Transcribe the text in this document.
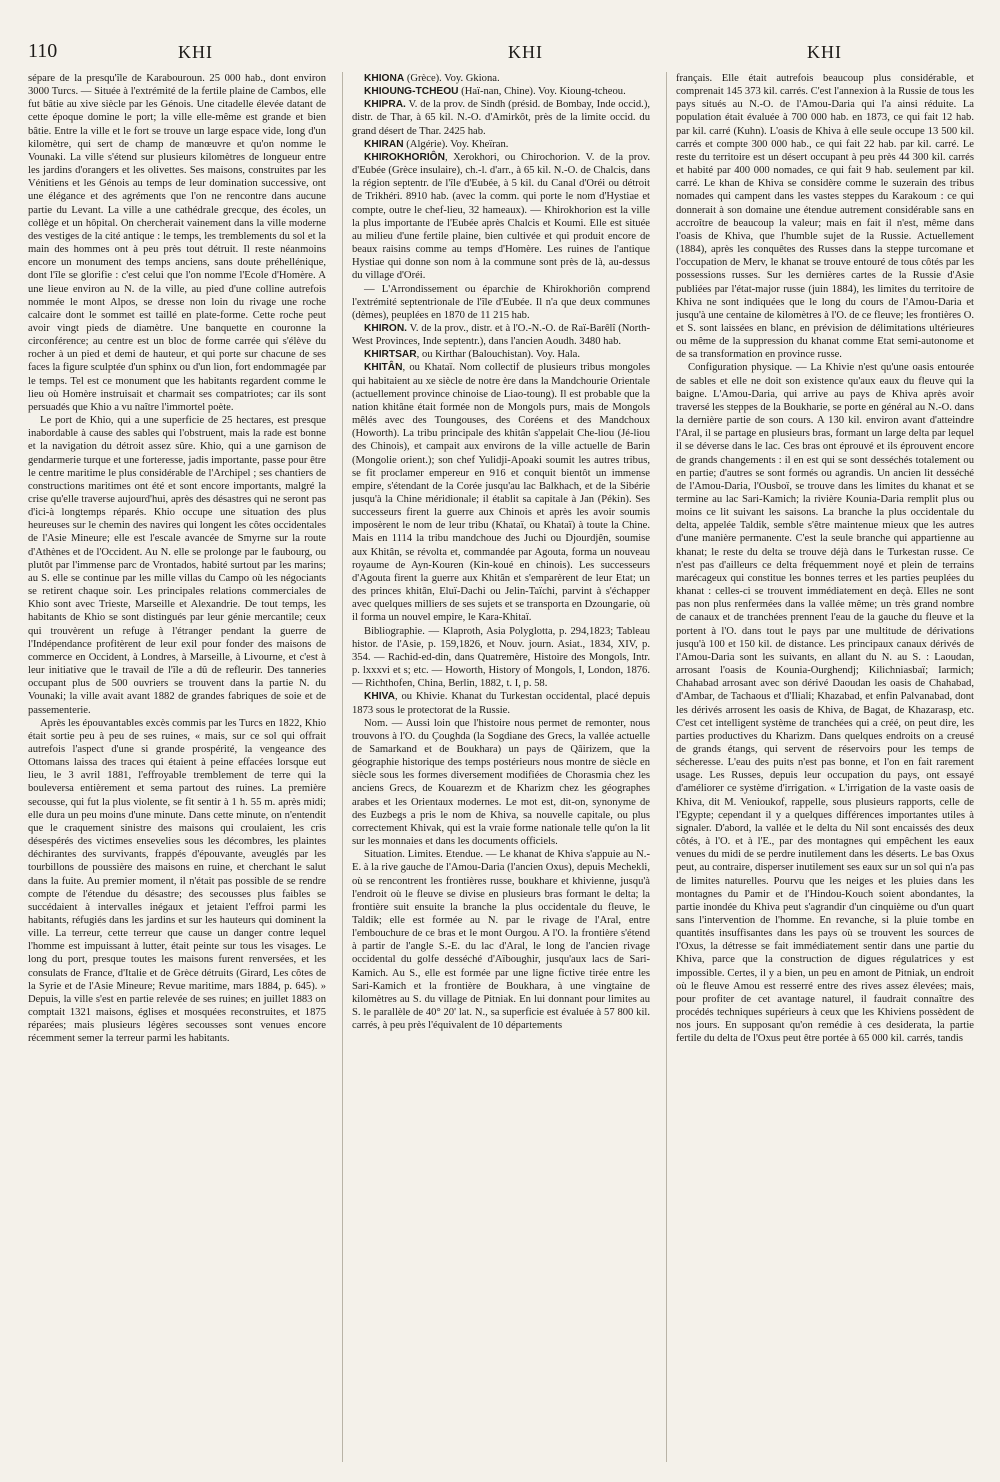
110	KHI	KHI	KHI

sépare de la presqu'île de Karabouroun. 25 000 hab., dont environ 3000 Turcs. — Située à l'extrémité de la fertile plaine de Cambos, elle fut bâtie au xive siècle par les Génois. Une citadelle élevée datant de cette époque domine le port; la ville elle-même est grande et bien bâtie. Entre la ville et le fort se trouve un large espace vide, long d'un kilomètre, qui sert de champ de manœuvre et qu'on nomme le Vounaki. La ville s'étend sur plusieurs kilomètres de longueur entre les jardins d'orangers et les olivettes. Ses maisons, construites par les Vénitiens et les Génois au temps de leur domination successive, ont une élégance et des agréments que l'on ne rencontre dans aucune partie du Levant. La ville a une cathédrale grecque, des écoles, un collège et un hôpital. On chercherait vainement dans la ville moderne des vestiges de la cité antique : le temps, les tremblements du sol et la main des hommes ont à peu près tout détruit. Il reste néanmoins encore un monument des temps anciens, sans doute préhellénique, dont l'île se glorifie : c'est celui que l'on nomme l'Ecole d'Homère. A une lieue environ au N. de la ville, au pied d'une colline autrefois nommée le mont Alpos, se dresse non loin du rivage une roche calcaire dont le sommet est taillé en plate-forme. Cette roche peut avoir vingt pieds de diamètre. Une banquette en couronne la circonférence; au centre est un bloc de forme carrée qui s'élève du rocher à un pied et demi de hauteur, et qui porte sur chacune de ses faces la figure sculptée d'un sphinx ou d'un lion, fort endommagée par le temps. Tel est ce monument que les habitants regardent comme le lieu où Homère instruisait et charmait ses compatriotes; car ils sont persuadés que Khio a vu naître l'immortel poète.

Le port de Khio, qui a une superficie de 25 hectares, est presque inabordable à cause des sables qui l'obstruent, mais la rade est bonne et la navigation du détroit assez sûre. Khio, qui a une garnison de gendarmerie turque et une forteresse, jadis importante, passe pour être le centre maritime le plus considérable de l'Archipel ; ses chantiers de constructions maritimes ont été et sont encore importants, malgré la crise qu'elle traverse aujourd'hui, après des désastres qui ne seront pas d'ici-à longtemps réparés. Khio occupe une situation des plus heureuses sur le chemin des navires qui longent les côtes occidentales de l'Asie Mineure; elle est l'escale avancée de Smyrne sur la route d'Athènes et de l'Occident. Au N. elle se prolonge par le faubourg, ou plutôt par l'immense parc de Vrontados, habité surtout par les marins; au S. elle se continue par les mille villas du Campo où les négociants se retirent chaque soir. Les principales relations commerciales de Khio sont avec Trieste, Marseille et Alexandrie. De tout temps, les habitants de Khio se sont distingués par leur génie mercantile; ceux qui trouvèrent un refuge à l'étranger pendant la guerre de l'Indépendance profitèrent de leur exil pour fonder des maisons de commerce en Occident, à Londres, à Marseille, à Livourne, et c'est à leur initiative que le travail de l'île a dû de refleurir. Des tanneries occupant plus de 500 ouvriers se trouvent dans la partie N. du Vounaki; la ville avait avant 1882 de grandes fabriques de soie et de passementerie.

Après les épouvantables excès commis par les Turcs en 1822, Khio était sortie peu à peu de ses ruines, « mais, sur ce sol qui offrait autrefois l'aspect d'une si grande prospérité, la vengeance des Ottomans laissa des traces qui étaient à peine effacées lorsque eut lieu, le 3 avril 1881, l'effroyable tremblement de terre qui la bouleversa entièrement et sema partout des ruines. La première secousse, qui fut la plus violente, se fit sentir à 1 h. 55 m. après midi; elle dura un peu moins d'une minute. Dans cette minute, on n'entendit que le craquement sinistre des maisons qui croulaient, les cris désespérés des victimes ensevelies sous les décombres, les plaintes déchirantes des survivants, frappés d'épouvante, aveuglés par les tourbillons de poussière des maisons en ruine, et cherchant le salut dans la fuite. Au premier moment, il n'était pas possible de se rendre compte de l'étendue du désastre; des secousses plus faibles se succédaient à intervalles inégaux et jetaient l'effroi parmi les habitants, réfugiés dans les jardins et sur les hauteurs qui dominent la ville. La terreur, cette terreur que cause un danger contre lequel l'homme est impuissant à lutter, était peinte sur tous les visages. Le long du port, presque toutes les maisons furent renversées, et les consulats de France, d'Italie et de Grèce détruits (Girard, Les côtes de la Syrie et de l'Asie Mineure; Revue maritime, mars 1884, p. 645). » Depuis, la ville s'est en partie relevée de ses ruines; en juillet 1883 on comptait 1321 maisons, églises et mosquées reconstruites, et 1875 réparées; mais plusieurs légères secousses sont venues encore récemment semer la terreur parmi les habitants.

KHIONA (Grèce). Voy. Gkiona.

KHIOUNG-TCHEOU (Haï-nan, Chine). Voy. Kioung-tcheou.

KHIPRA. V. de la prov. de Sindh (présid. de Bombay, Inde occid.), distr. de Thar, à 65 kil. N.-O. d'Amirkôt, près de la limite occid. du grand désert de Thar. 2425 hab.

KHIRAN (Algérie). Voy. Kheïran.

KHIROKHORIÔN, Xerokhori, ou Chirochorion. V. de la prov. d'Eubée (Grèce insulaire), ch.-l. d'arr., à 65 kil. N.-O. de Chalcis, dans la région septentr. de l'île d'Eubée, à 5 kil. du Canal d'Oréi ou détroit de Trikhéri. 8910 hab. (avec la comm. qui porte le nom d'Hystiae et compte, outre le chef-lieu, 32 hameaux). — Khirokhorion est la ville la plus importante de l'Eubée après Chalcis et Koumi. Elle est située au milieu d'une fertile plaine, bien cultivée et qui produit encore de beaux raisins comme au temps d'Homère. Les ruines de l'antique Hystiae qui donne son nom à la commune sont près de là, au-dessus du village d'Oréi.

— L'Arrondissement ou éparchie de Khirokhoriôn comprend l'extrémité septentrionale de l'île d'Eubée. Il n'a que deux communes (dèmes), peuplées en 1870 de 11 215 hab.

KHIRON. V. de la prov., distr. et à l'O.-N.-O. de Raï-Barêlî (North-West Provinces, Inde septentr.), dans l'ancien Aoudh. 3480 hab.

KHIRTSAR, ou Kirthar (Balouchistan). Voy. Hala.

KHITÂN, ou Khataï. Nom collectif de plusieurs tribus mongoles qui habitaient au xe siècle de notre ère dans la Mandchourie Orientale (actuellement province chinoise de Liao-toung). Il est probable que la nation khitâne était formée non de Mongols purs, mais de Mongols mêlés avec des Toungouses, des Coréens et des Mandchoux (Howorth). La tribu principale des khitân s'appelait Che-liou (Jé-liou des Chinois), et campait aux environs de la ville actuelle de Barin (Mongolie orient.); son chef Yulidji-Apoaki soumit les autres tribus, se fit proclamer empereur en 916 et conquit bientôt un immense empire, s'étendant de la Corée jusqu'au lac Balkhach, et de la Sibérie jusqu'à la Chine méridionale; il établit sa capitale à Jan (Pékin). Ses successeurs firent la guerre aux Chinois et après les avoir soumis imposèrent le nom de leur tribu (Khataï, ou Khataï) à toute la Chine. Mais en 1114 la tribu mandchoue des Juchi ou Djourdjên, soumise aux Khitân, se révolta et, commandée par Agouta, forma un nouveau royaume de Ayn-Kouren (Kin-koué en chinois). Les successeurs d'Agouta firent la guerre aux Khitân et s'emparèrent de leur Etat; un des princes khitân, Eluï-Dachi ou Jelin-Taïchi, parvint à s'échapper avec quelques milliers de ses sujets et se transporta en Dzoungarie, où il forma un nouvel empire, le Kara-Khitaï.

Bibliographie. — Klaproth, Asia Polyglotta, p. 294,1823; Tableau histor. de l'Asie, p. 159,1826, et Nouv. journ. Asiat., 1834, XIV, p. 354. — Rachid-ed-din, dans Quatremère, Histoire des Mongols, Intr. p. lxxxvi et s; etc. — Howorth, History of Mongols, I, London, 1876. — Richthofen, China, Berlin, 1882, t. I, p. 58.

KHIVA, ou Khivie. Khanat du Turkestan occidental, placé depuis 1873 sous le protectorat de la Russie.

Nom. — Aussi loin que l'histoire nous permet de remonter, nous trouvons à l'O. du Çoughda (la Sogdiane des Grecs, la vallée actuelle de Samarkand et de Boukhara) un pays de Qâirizem, que la géographie historique des temps postérieurs nous montre de siècle en siècle sous les formes diversement modifiées de Chorasmia chez les anciens Grecs, de Kouarezm et de Kharizm chez les géographes arabes et les Orientaux modernes. Le mot est, dit-on, synonyme de des Euzbegs a pris le nom de Khiva, sa nouvelle capitale, ou plus correctement Khivak, qui est la vraie forme nationale telle qu'on la lit sur les monnaies et dans les documents officiels.

Situation. Limites. Etendue. — Le khanat de Khiva s'appuie au N.-E. à la rive gauche de l'Amou-Daria (l'ancien Oxus), depuis Mechekli, où se rencontrent les frontières russe, boukhare et khivienne, jusqu'à l'endroit où le fleuve se divise en plusieurs bras formant le delta; la frontière suit ensuite la branche la plus occidentale du fleuve, le Taldik; elle est formée au N. par le rivage de l'Aral, entre l'embouchure de ce bras et le mont Ourgou. A l'O. la frontière s'étend à partir de l'angle S.-E. du lac d'Aral, le long de l'ancien rivage occidental du golfe desséché d'Aïboughir, jusqu'aux lacs de Sari-Kamich. Au S., elle est formée par une ligne fictive tirée entre les Sari-Kamich et la frontière de Boukhara, à une vingtaine de kilomètres au S. du village de Pitniak. En lui donnant pour limites au S. le parallèle de 40° 20' lat. N., sa superficie est évaluée à 57 800 kil. carrés, à peu près l'équivalent de 10 départements

français. Elle était autrefois beaucoup plus considérable, et comprenait 145 373 kil. carrés. C'est l'annexion à la Russie de tous les pays situés au N.-O. de l'Amou-Daria qui l'a ainsi réduite. La population était évaluée à 700 000 hab. en 1873, ce qui fait 12 hab. par kil. carré (Kuhn). L'oasis de Khiva à elle seule occupe 13 500 kil. carrés et compte 300 000 hab., ce qui fait 22 hab. par kil. carré. Le reste du territoire est un désert occupant à peu près 44 300 kil. carrés et habité par 400 000 nomades, ce qui fait 9 hab. seulement par kil. carré. Le khan de Khiva se considère comme le suzerain des tribus nomades qui campent dans les vastes steppes du Karakoum : ce qui donnerait à son domaine une étendue autrement considérable sans en accroître de beaucoup la valeur; mais en fait il n'est, même dans l'oasis de Khiva, que l'humble sujet de la Russie. Actuellement (1884), après les conquêtes des Russes dans la steppe turcomane et l'occupation de Merv, le khanat se trouve entouré de tous côtés par les possessions russes. Sur les dernières cartes de la Russie d'Asie publiées par l'état-major russe (juin 1884), les limites du territoire de Khiva ne sont indiquées que le long du cours de l'Amou-Daria et jusqu'à une centaine de kilomètres à l'O. de ce fleuve; les frontières O. et S. sont laissées en blanc, en prévision de délimitations ultérieures ou même de la suppression du khanat comme Etat semi-autonome et de sa transformation en province russe.

Configuration physique. — La Khivie n'est qu'une oasis entourée de sables et elle ne doit son existence qu'aux eaux du fleuve qui la baigne. L'Amou-Daria, qui arrive au pays de Khiva après avoir traversé les steppes de la Boukharie, se porte en général au N.-O. dans la dernière partie de son cours. A 130 kil. environ avant d'atteindre l'Aral, il se partage en plusieurs bras, formant un large delta par lequel il se déverse dans le lac. Ces bras ont éprouvé et ils éprouvent encore de grands changements : il en est qui se sont desséchés totalement ou en partie; d'autres se sont formés ou agrandis. Un ancien lit desséché de l'Amou-Daria, l'Ousboï, se trouve dans les limites du khanat et se termine au lac Sari-Kamich; la rivière Kounia-Daria remplit plus ou moins ce lit suivant les saisons. La branche la plus occidentale du delta, appelée Taldik, semble s'être maintenue mieux que les autres d'une manière permanente. C'est la seule branche qui appartienne au khanat; le reste du delta se trouve déjà dans le Turkestan russe. Ce n'est pas d'ailleurs ce delta fréquemment noyé et plein de terrains marécageux qui constitue les bonnes terres et les parties peuplées du khanat : celles-ci se trouvent immédiatement en deçà. Elles ne sont pas non plus renfermées dans la vallée même; un très grand nombre de canaux et de tranchées prennent l'eau de la gauche du fleuve et la portent à l'O. dans tout le pays par une multitude de dérivations jusqu'à 100 et 150 kil. de distance. Les principaux canaux dérivés de l'Amou-Daria sont les suivants, en allant du N. au S. : Laoudan, arrosant l'oasis de Kounia-Ourghendj; Kilichniasbaï; Iarmich; Chahabad arrosant avec son dérivé Daoudan les oasis de Chahabad, d'Ambar, de Tachaous et d'Iliali; Khazabad, et enfin Palvanabad, dont les dérivés arrosent les oasis de Khiva, de Bagat, de Khazarasp, etc. C'est cet intelligent système de tranchées qui a créé, on peut dire, les parties productives du Kharizm. Dans quelques endroits on a creusé de grands étangs, qui servent de réservoirs pour les temps de sécheresse. L'eau des puits n'est pas bonne, et l'on en fait rarement usage. Les Russes, depuis leur occupation du pays, ont essayé d'améliorer ce système d'irrigation. « L'irrigation de la vaste oasis de Khiva, dit M. Venioukof, rappelle, sous plusieurs rapports, celle de l'Egypte; cependant il y a quelques différences importantes utiles à signaler. D'abord, la vallée et le delta du Nil sont encaissés des deux côtés, à l'O. et à l'E., par des montagnes qui empêchent les eaux venues du midi de se perdre inutilement dans les déserts. Le bas Oxus peut, au contraire, disperser inutilement ses eaux sur un sol qui n'a pas de limites naturelles. Pourvu que les neiges et les pluies dans les montagnes du Pamir et de l'Hindou-Kouch soient abondantes, la partie inondée du Khiva peut s'agrandir d'un cinquième ou d'un quart sans l'intervention de l'homme. En revanche, si la pluie tombe en quantités insuffisantes dans les pays où se trouvent les sources de l'Oxus, la détresse se fait immédiatement sentir dans une partie du Khiva, parce que la construction de digues régulatrices y est impossible. Certes, il y a bien, un peu en amont de Pitniak, un endroit où le fleuve Amou est resserré entre des rives assez élevées; mais, pour profiter de cet avantage naturel, il faudrait connaître des procédés techniques supérieurs à ceux que les Khiviens possèdent de nos jours. En supposant qu'on remédie à ces desiderata, la partie fertile du delta de l'Oxus peut être portée à 65 000 kil. carrés, tandis
